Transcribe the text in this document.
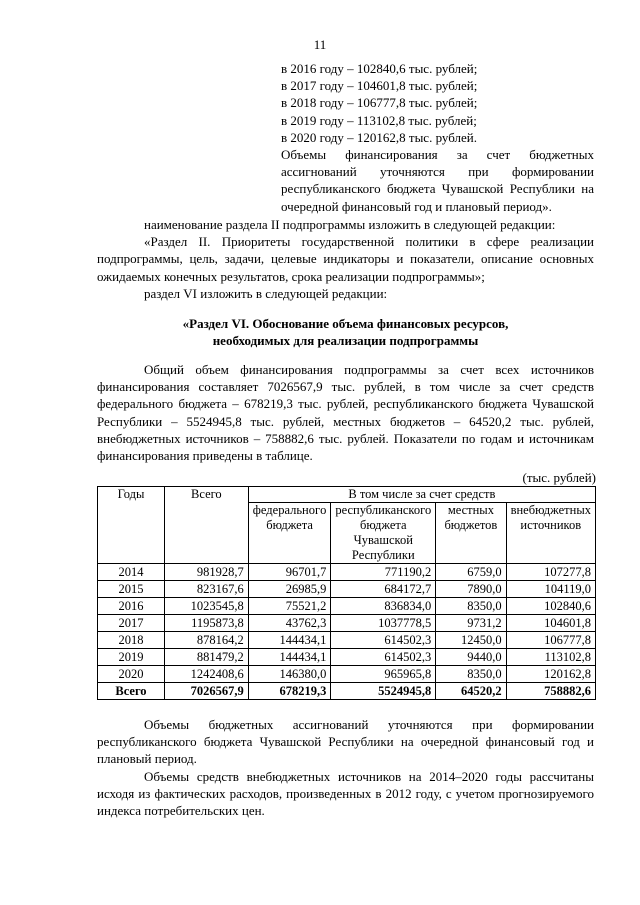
11
в 2016 году – 102840,6 тыс. рублей;
в 2017 году – 104601,8 тыс. рублей;
в 2018 году – 106777,8 тыс. рублей;
в 2019 году – 113102,8 тыс. рублей;
в 2020 году – 120162,8 тыс. рублей.

Объемы финансирования за счет бюджетных ассигнований уточняются при формировании республиканского бюджета Чувашской Республики на очередной финансовый год и плановый период».

наименование раздела II подпрограммы изложить в следующей редакции:

«Раздел II. Приоритеты государственной политики в сфере реализации подпрограммы, цель, задачи, целевые индикаторы и показатели, описание основных ожидаемых конечных результатов, срока реализации подпрограммы»;

раздел VI изложить в следующей редакции:

«Раздел VI. Обоснование объема финансовых ресурсов,
необходимых для реализации подпрограммы

Общий объем финансирования подпрограммы за счет всех источников финансирования составляет 7026567,9 тыс. рублей, в том числе за счет средств федерального бюджета – 678219,3 тыс. рублей, республиканского бюджета Чувашской Республики – 5524945,8 тыс. рублей, местных бюджетов – 64520,2 тыс. рублей, внебюджетных источников – 758882,6 тыс. рублей. Показатели по годам и источникам финансирования приведены в таблице.

(тыс. рублей)
Годы	Всего	В том числе за счет средств			
		федеральногo бюджета	республиканского бюджета Чувашской Республики	местных бюджетов	внебюджетных источников
2014	981928,7	96701,7	771190,2	6759,0	107277,8
2015	823167,6	26985,9	684172,7	7890,0	104119,0
2016	1023545,8	75521,2	836834,0	8350,0	102840,6
2017	1195873,8	43762,3	1037778,5	9731,2	104601,8
2018	878164,2	144434,1	614502,3	12450,0	106777,8
2019	881479,2	144434,1	614502,3	9440,0	113102,8
2020	1242408,6	146380,0	965965,8	8350,0	120162,8
Всего	7026567,9	678219,3	5524945,8	64520,2	758882,6

Объемы бюджетных ассигнований уточняются при формировании республиканского бюджета Чувашской Республики на очередной финансовый год и плановый период.

Объемы средств внебюджетных источников на 2014–2020 годы рассчитаны исходя из фактических расходов, произведенных в 2012 году, с учетом прогнозируемого индекса потребительских цен.
